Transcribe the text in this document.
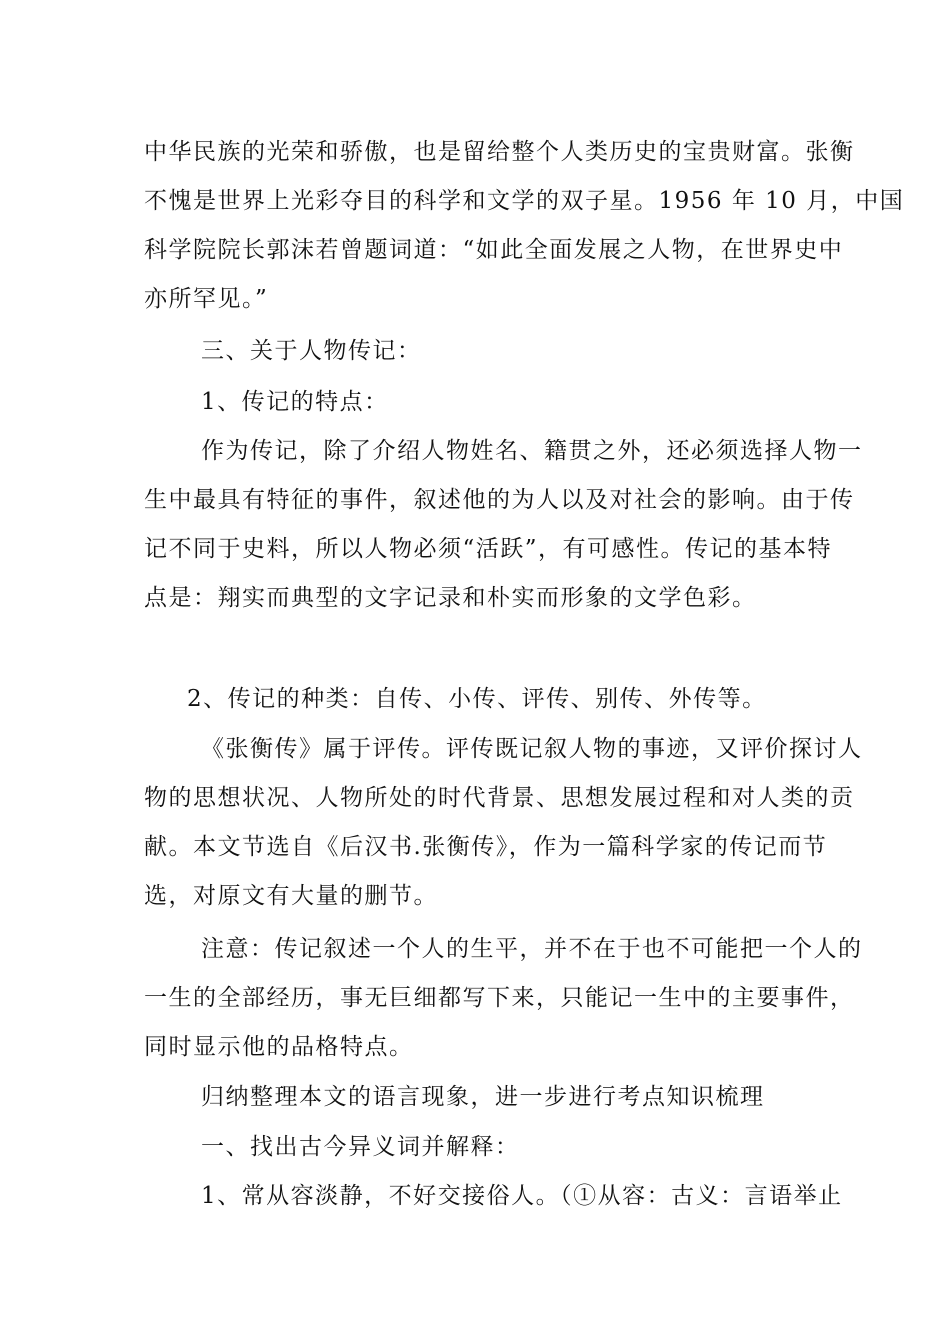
中华民族的光荣和骄傲，也是留给整个人类历史的宝贵财富。张衡
不愧是世界上光彩夺目的科学和文学的双子星。1956 年 10 月，中国
科学院院长郭沫若曾题词道：“如此全面发展之人物，在世界史中
亦所罕见。”
三、关于人物传记：
1、传记的特点：
作为传记，除了介绍人物姓名、籍贯之外，还必须选择人物一
生中最具有特征的事件，叙述他的为人以及对社会的影响。由于传
记不同于史料，所以人物必须“活跃”，有可感性。传记的基本特
点是：翔实而典型的文字记录和朴实而形象的文学色彩。
2、传记的种类：自传、小传、评传、别传、外传等。
《张衡传》属于评传。评传既记叙人物的事迹，又评价探讨人
物的思想状况、人物所处的时代背景、思想发展过程和对人类的贡
献。本文节选自《后汉书.张衡传》，作为一篇科学家的传记而节
选，对原文有大量的删节。
注意：传记叙述一个人的生平，并不在于也不可能把一个人的
一生的全部经历，事无巨细都写下来，只能记一生中的主要事件，
同时显示他的品格特点。
归纳整理本文的语言现象，进一步进行考点知识梳理
一、找出古今异义词并解释：
1、常从容淡静，不好交接俗人。（①从容：古义：言语举止
